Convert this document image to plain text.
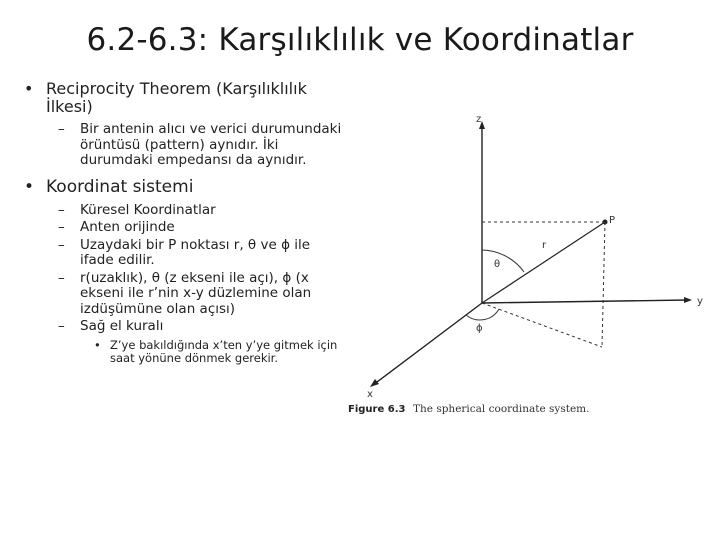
6.2-6.3: Karşılıklılık ve Koordinatlar
• Reciprocity Theorem (Karşılıklılık İlkesi)
– Bir antenin alıcı ve verici durumundaki örüntüsü (pattern) aynıdır. İki durumdaki empedansı da aynıdır.
• Koordinat sistemi
– Küresel Koordinatlar
– Anten orijinde
– Uzaydaki bir P noktası r, θ ve ϕ ile ifade edilir.
– r(uzaklık), θ (z ekseni ile açı), ϕ (x ekseni ile r’nin x-y düzlemine olan izdüşümüne olan açısı)
– Sağ el kuralı
• Z’ye bakıldığında x’ten y’ye gitmek için saat yönüne dönmek gerekir.
z
y
x
P
r
θ
ϕ
Figure 6.3 The spherical coordinate system.
